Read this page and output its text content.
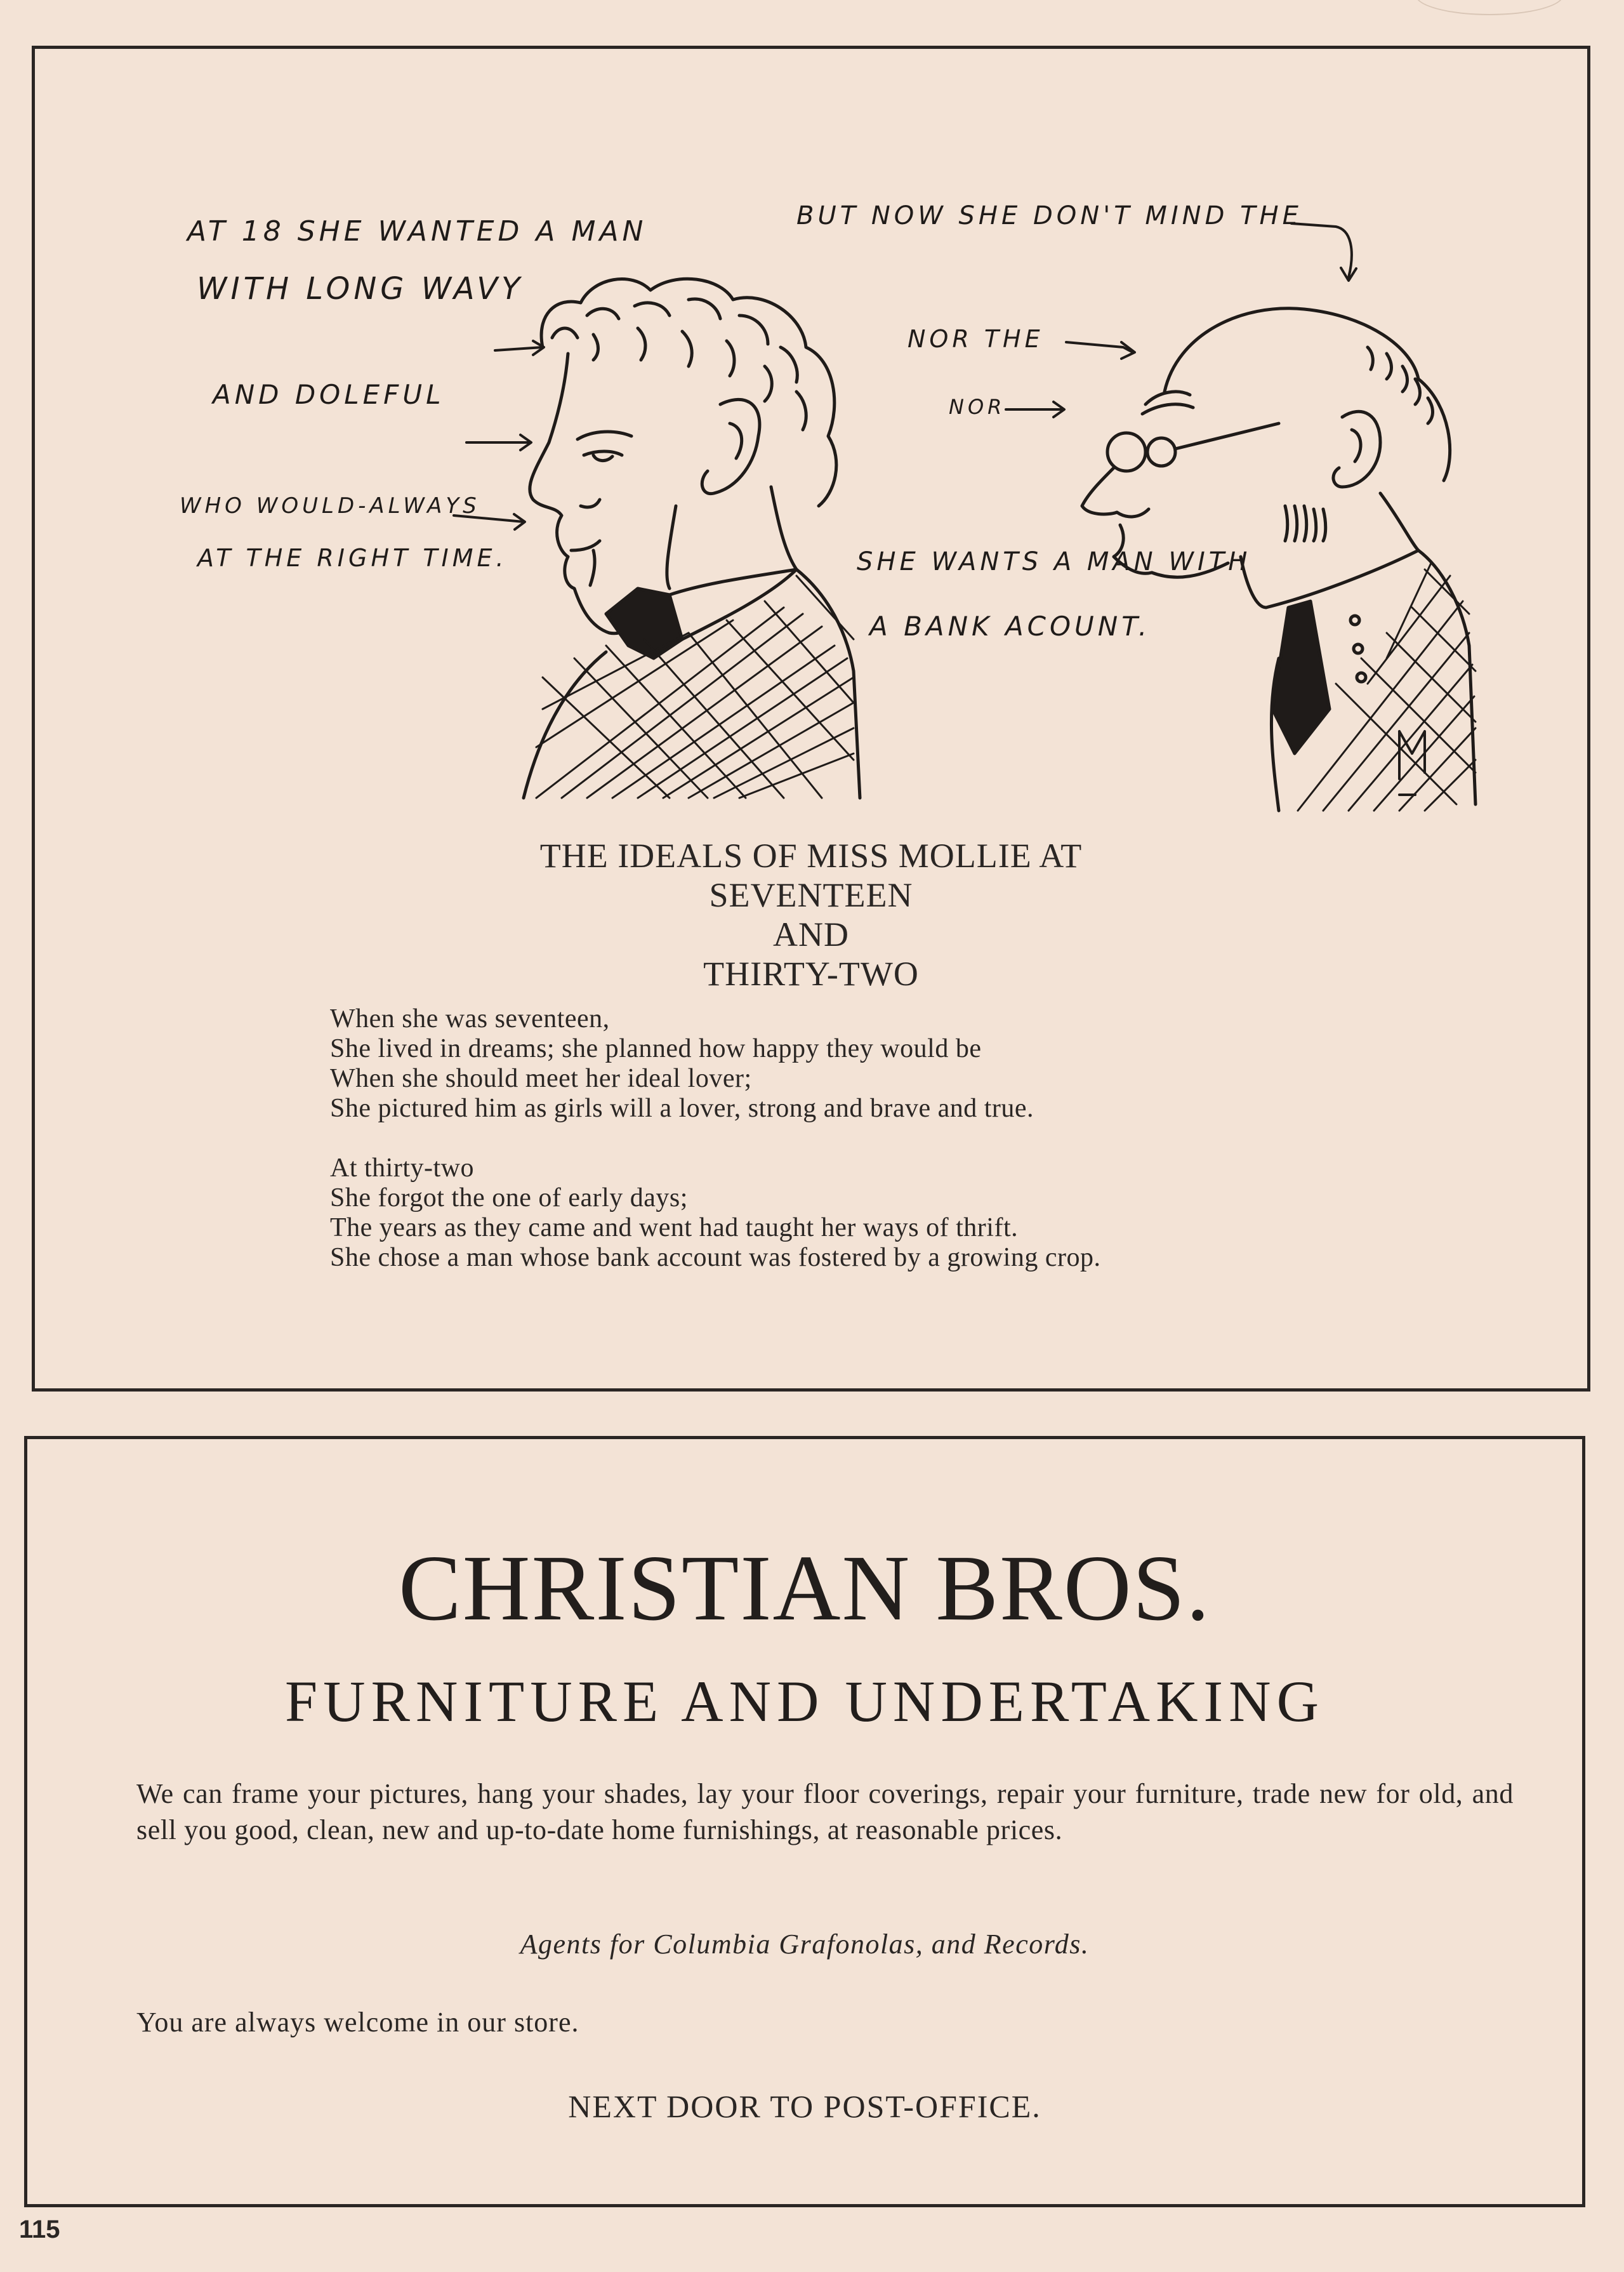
AT 18 SHE WANTED A MAN
WITH LONG WAVY
AND DOLEFUL
WHO WOULD-ALWAYS
AT THE RIGHT TIME.
BUT NOW SHE DON'T MIND THE
NOR THE
NOR
SHE WANTS A MAN WITH
A BANK ACOUNT.
THE IDEALS OF MISS MOLLIE AT
SEVENTEEN
AND
THIRTY-TWO
When she was seventeen,
She lived in dreams; she planned how happy they would be
When she should meet her ideal lover;
She pictured him as girls will a lover, strong and brave and true.
At thirty-two
She forgot the one of early days;
The years as they came and went had taught her ways of thrift.
She chose a man whose bank account was fostered by a growing crop.
CHRISTIAN BROS.
FURNITURE AND UNDERTAKING
We can frame your pictures, hang your shades, lay your floor coverings, repair your furniture, trade new for old, and sell you good, clean, new and up-to-date home furnishings, at reasonable prices.
Agents for Columbia Grafonolas, and Records.
You are always welcome in our store.
NEXT DOOR TO POST-OFFICE.
115
